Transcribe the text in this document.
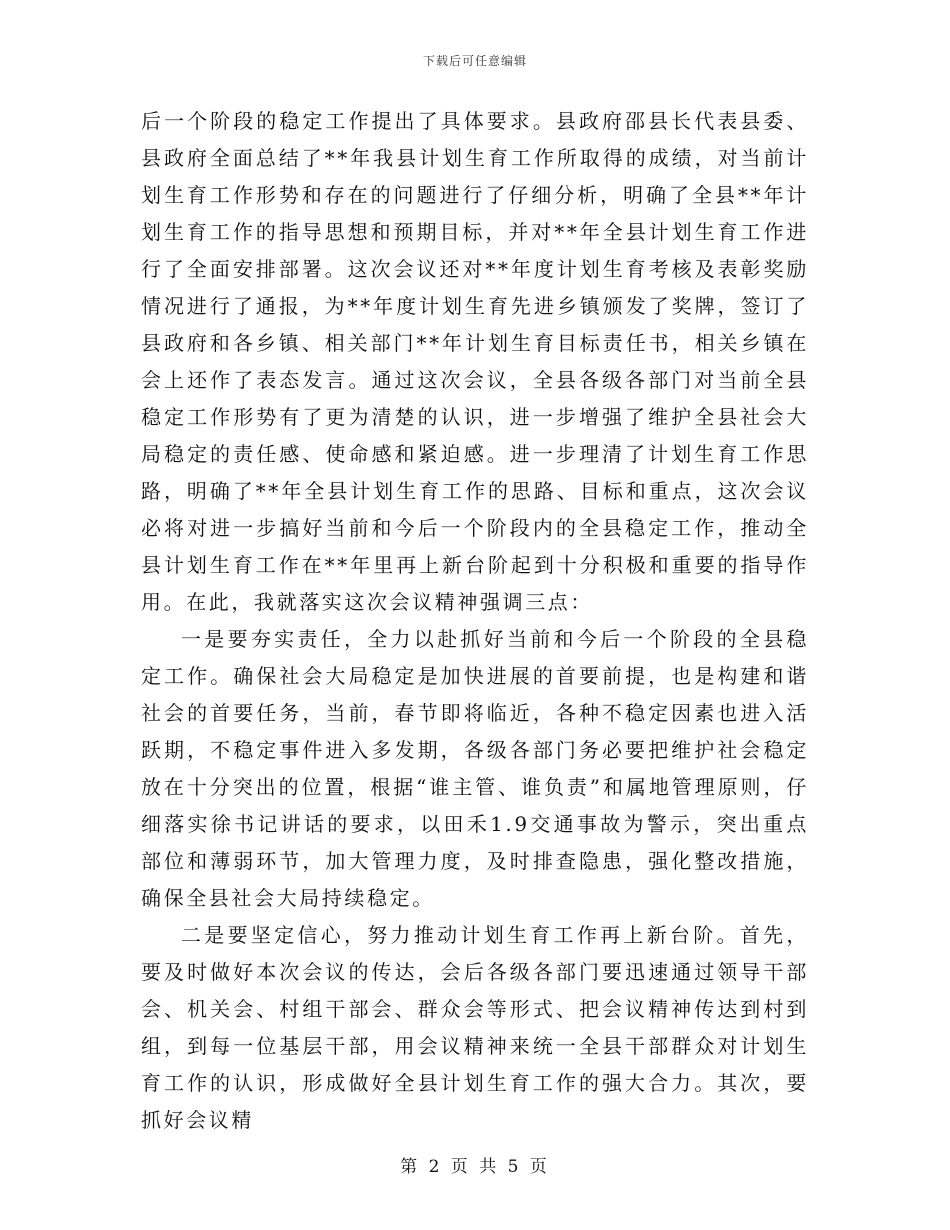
下载后可任意编辑

后一个阶段的稳定工作提出了具体要求。县政府邵县长代表县委、县政府全面总结了**年我县计划生育工作所取得的成绩，对当前计划生育工作形势和存在的问题进行了仔细分析，明确了全县**年计划生育工作的指导思想和预期目标，并对**年全县计划生育工作进行了全面安排部署。这次会议还对**年度计划生育考核及表彰奖励情况进行了通报，为**年度计划生育先进乡镇颁发了奖牌，签订了县政府和各乡镇、相关部门**年计划生育目标责任书，相关乡镇在会上还作了表态发言。通过这次会议，全县各级各部门对当前全县稳定工作形势有了更为清楚的认识，进一步增强了维护全县社会大局稳定的责任感、使命感和紧迫感。进一步理清了计划生育工作思路，明确了**年全县计划生育工作的思路、目标和重点，这次会议必将对进一步搞好当前和今后一个阶段内的全县稳定工作，推动全县计划生育工作在**年里再上新台阶起到十分积极和重要的指导作用。在此，我就落实这次会议精神强调三点：

一是要夯实责任，全力以赴抓好当前和今后一个阶段的全县稳定工作。确保社会大局稳定是加快进展的首要前提，也是构建和谐社会的首要任务，当前，春节即将临近，各种不稳定因素也进入活跃期，不稳定事件进入多发期，各级各部门务必要把维护社会稳定放在十分突出的位置，根据“谁主管、谁负责”和属地管理原则，仔细落实徐书记讲话的要求，以田禾1.9交通事故为警示，突出重点部位和薄弱环节，加大管理力度，及时排查隐患，强化整改措施，确保全县社会大局持续稳定。

二是要坚定信心，努力推动计划生育工作再上新台阶。首先，要及时做好本次会议的传达，会后各级各部门要迅速通过领导干部会、机关会、村组干部会、群众会等形式、把会议精神传达到村到组，到每一位基层干部，用会议精神来统一全县干部群众对计划生育工作的认识，形成做好全县计划生育工作的强大合力。其次，要抓好会议精

第 2 页 共 5 页
